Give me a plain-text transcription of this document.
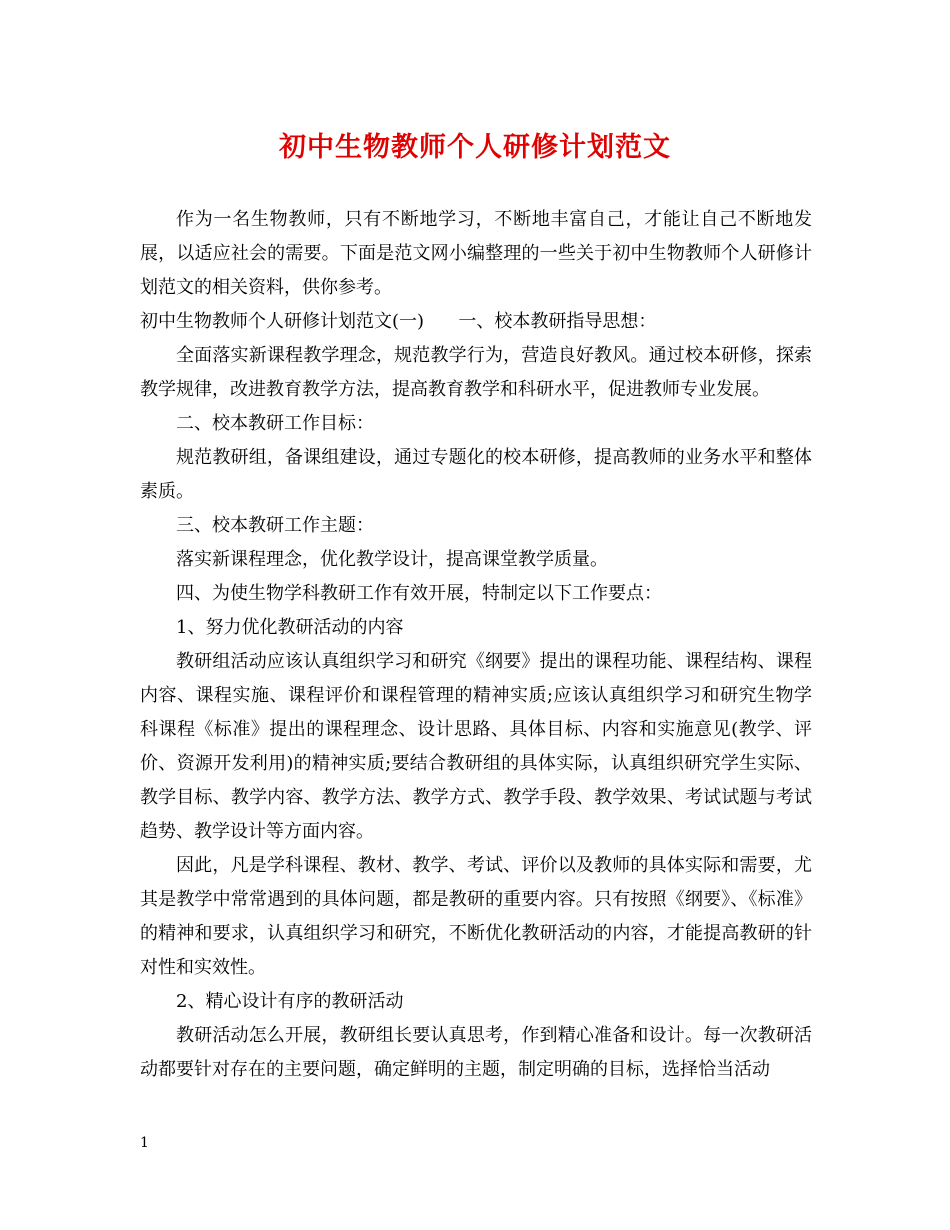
初中生物教师个人研修计划范文

作为一名生物教师，只有不断地学习，不断地丰富自己，才能让自己不断地发展，以适应社会的需要。下面是范文网小编整理的一些关于初中生物教师个人研修计划范文的相关资料，供你参考。

初中生物教师个人研修计划范文(一)      一、校本教研指导思想：

全面落实新课程教学理念，规范教学行为，营造良好教风。通过校本研修，探索教学规律，改进教育教学方法，提高教育教学和科研水平，促进教师专业发展。

二、校本教研工作目标：

规范教研组，备课组建设，通过专题化的校本研修，提高教师的业务水平和整体素质。

三、校本教研工作主题：

落实新课程理念，优化教学设计，提高课堂教学质量。

四、为使生物学科教研工作有效开展，特制定以下工作要点：

1、努力优化教研活动的内容

教研组活动应该认真组织学习和研究《纲要》提出的课程功能、课程结构、课程内容、课程实施、课程评价和课程管理的精神实质;应该认真组织学习和研究生物学科课程《标准》提出的课程理念、设计思路、具体目标、内容和实施意见(教学、评价、资源开发利用)的精神实质;要结合教研组的具体实际，认真组织研究学生实际、教学目标、教学内容、教学方法、教学方式、教学手段、教学效果、考试试题与考试趋势、教学设计等方面内容。

因此，凡是学科课程、教材、教学、考试、评价以及教师的具体实际和需要，尤其是教学中常常遇到的具体问题，都是教研的重要内容。只有按照《纲要》、《标准》的精神和要求，认真组织学习和研究，不断优化教研活动的内容，才能提高教研的针对性和实效性。

2、精心设计有序的教研活动

教研活动怎么开展，教研组长要认真思考，作到精心准备和设计。每一次教研活动都要针对存在的主要问题，确定鲜明的主题，制定明确的目标，选择恰当活动

1
